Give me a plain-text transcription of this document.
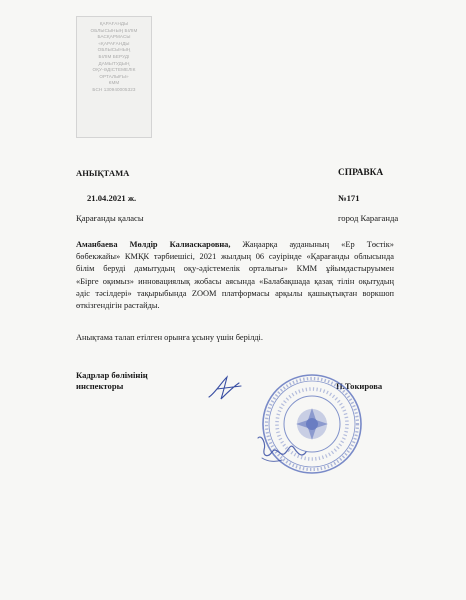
ҚАРАҒАНДЫ
ОБЛЫСЫНЫҢ БІЛІМ
БАСҚАРМАСЫ
«ҚАРАҒАНДЫ
ОБЛЫСЫНЫҢ
БІЛІМ БЕРУДІ
ДАМЫТУДЫҢ
ОҚУ-ӘДІСТЕМЕЛІК
ОРТАЛЫҒЫ»
КММ
БСН 130940005323
АНЫҚТАМА	СПРАВКА
21.04.2021 ж.	№171
Қарағанды қаласы	город Караганда
Аманбаева Мөлдір Калиаскаровна, Жаңаарқа ауданының «Ер Төстік»
бөбекжайы» КМҚК тәрбиешісі, 2021 жылдың 06 сәуірінде «Қарағанды облысында
білім беруді дамытудың оқу-әдістемелік орталығы» КММ ұйымдастыруымен
«Бірге оқимыз» инновациялық жобасы аясында «Балабақшада қазақ тілін оқытудың
әдіс тәсілдері» тақырыбында ZOOM платформасы арқылы қашықтықтан воркшоп
өткізгендігін растайды.
Анықтама талап етілген орынға ұсыну үшін берілді.
Кадрлар бөлімінің
инспекторы	П.Токирова
